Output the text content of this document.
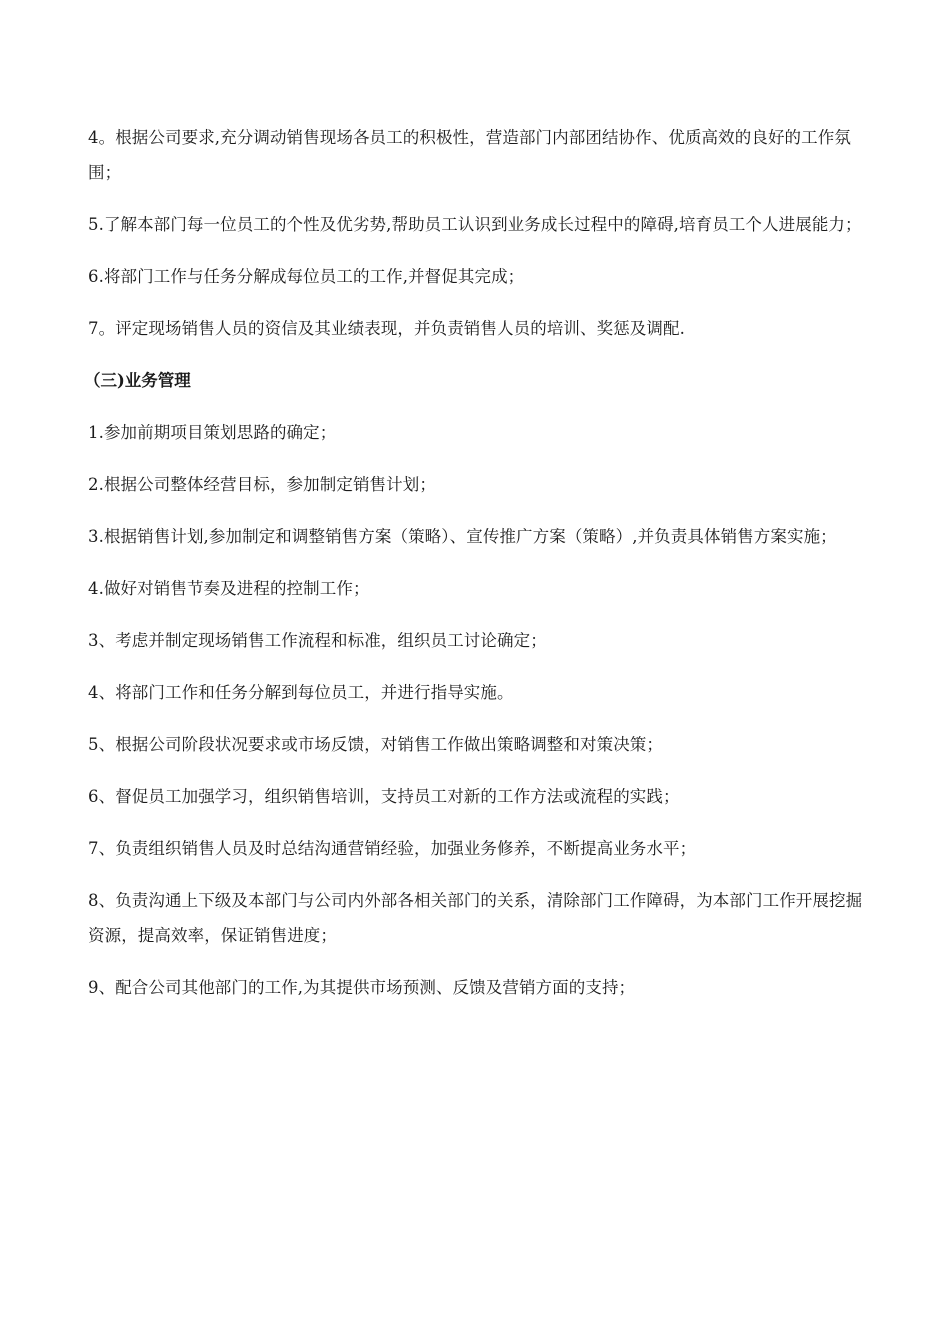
4。根据公司要求,充分调动销售现场各员工的积极性，营造部门内部团结协作、优质高效的良好的工作氛围；

5.了解本部门每一位员工的个性及优劣势,帮助员工认识到业务成长过程中的障碍,培育员工个人进展能力；

6.将部门工作与任务分解成每位员工的工作,并督促其完成；

7。评定现场销售人员的资信及其业绩表现，并负责销售人员的培训、奖惩及调配.

（三)业务管理

1.参加前期项目策划思路的确定；

2.根据公司整体经营目标，参加制定销售计划；

3.根据销售计划,参加制定和调整销售方案（策略）、宣传推广方案（策略）,并负责具体销售方案实施；

4.做好对销售节奏及进程的控制工作；

3、考虑并制定现场销售工作流程和标准，组织员工讨论确定；

4、将部门工作和任务分解到每位员工，并进行指导实施。

5、根据公司阶段状况要求或市场反馈，对销售工作做出策略调整和对策决策；

6、督促员工加强学习，组织销售培训，支持员工对新的工作方法或流程的实践；

7、负责组织销售人员及时总结沟通营销经验，加强业务修养，不断提高业务水平；

8、负责沟通上下级及本部门与公司内外部各相关部门的关系，清除部门工作障碍，为本部门工作开展挖掘资源，提高效率，保证销售进度；

9、配合公司其他部门的工作,为其提供市场预测、反馈及营销方面的支持；
